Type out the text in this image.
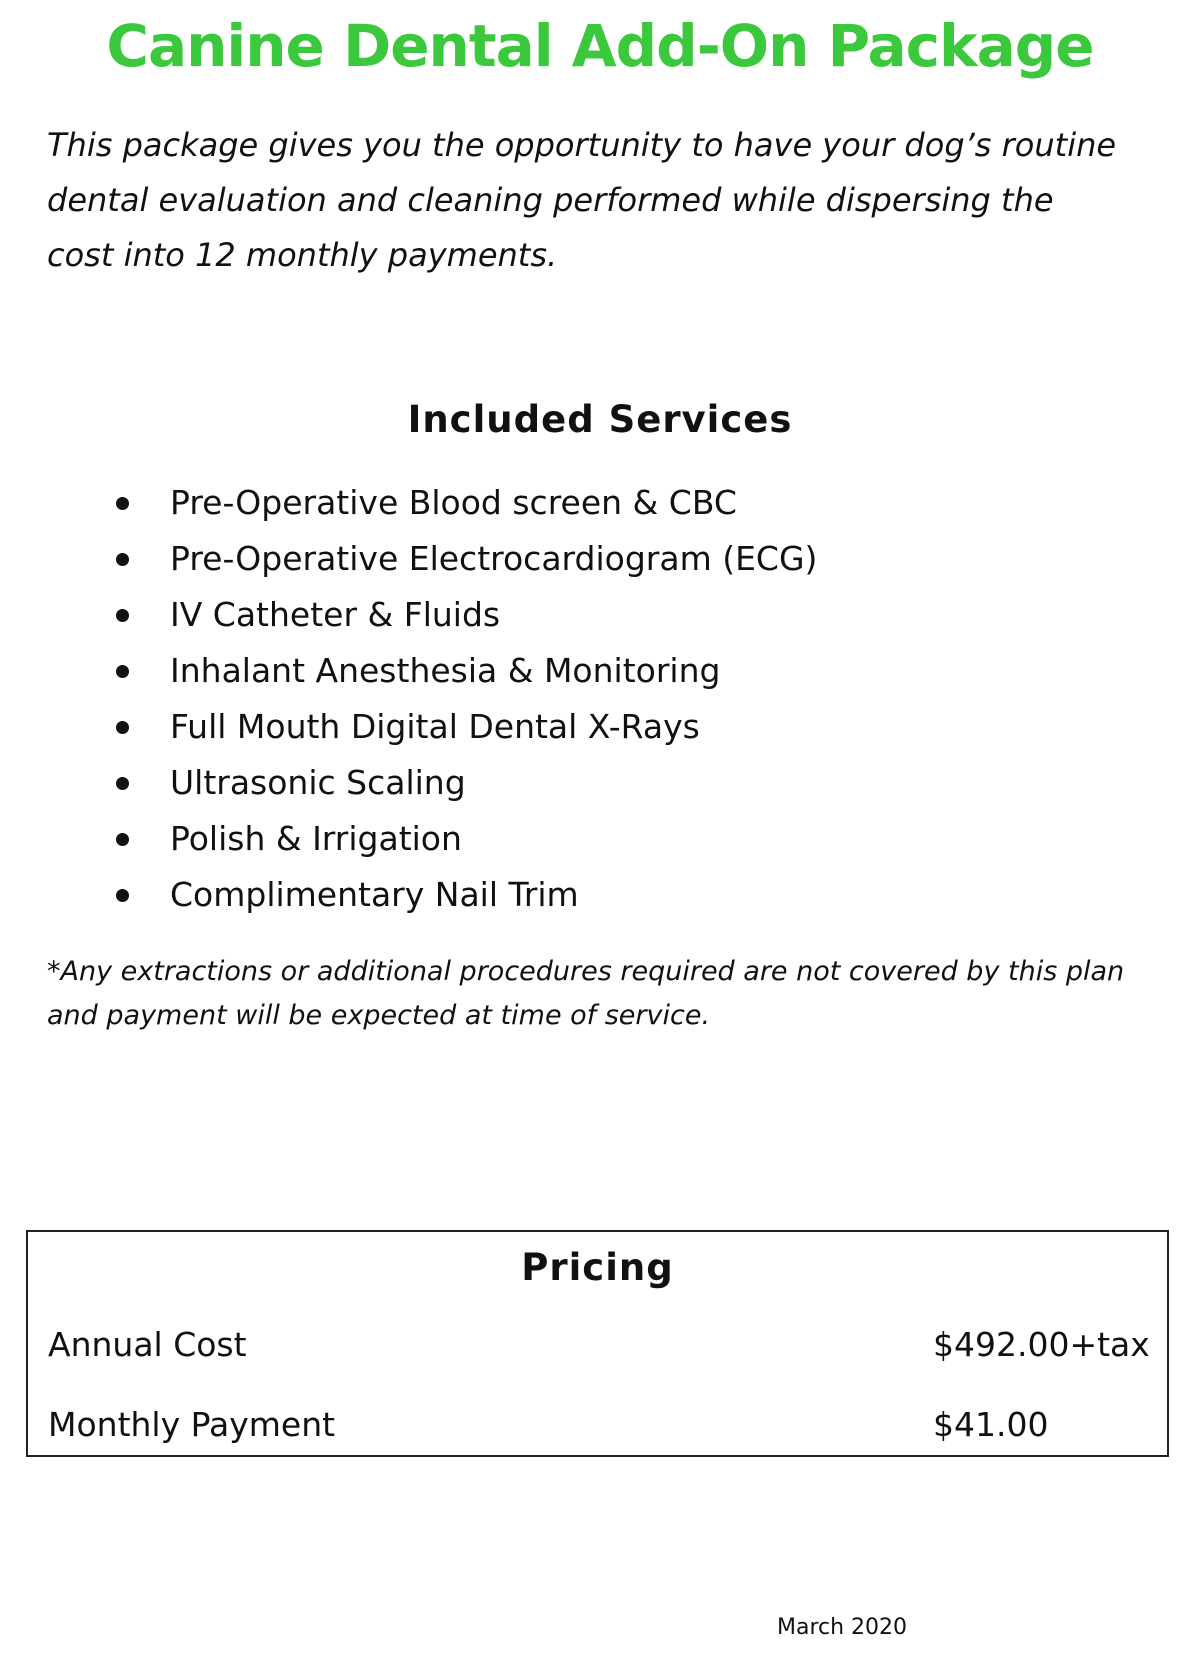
Canine Dental Add-On Package
This package gives you the opportunity to have your dog’s routine
dental evaluation and cleaning performed while dispersing the
cost into 12 monthly payments.
Included Services
Pre-Operative Blood screen & CBC
Pre-Operative Electrocardiogram (ECG)
IV Catheter & Fluids
Inhalant Anesthesia & Monitoring
Full Mouth Digital Dental X-Rays
Ultrasonic Scaling
Polish & Irrigation
Complimentary Nail Trim
*Any extractions or additional procedures required are not covered by this plan
and payment will be expected at time of service.
Pricing
Annual Cost	$492.00+tax
Monthly Payment	$41.00
March 2020
